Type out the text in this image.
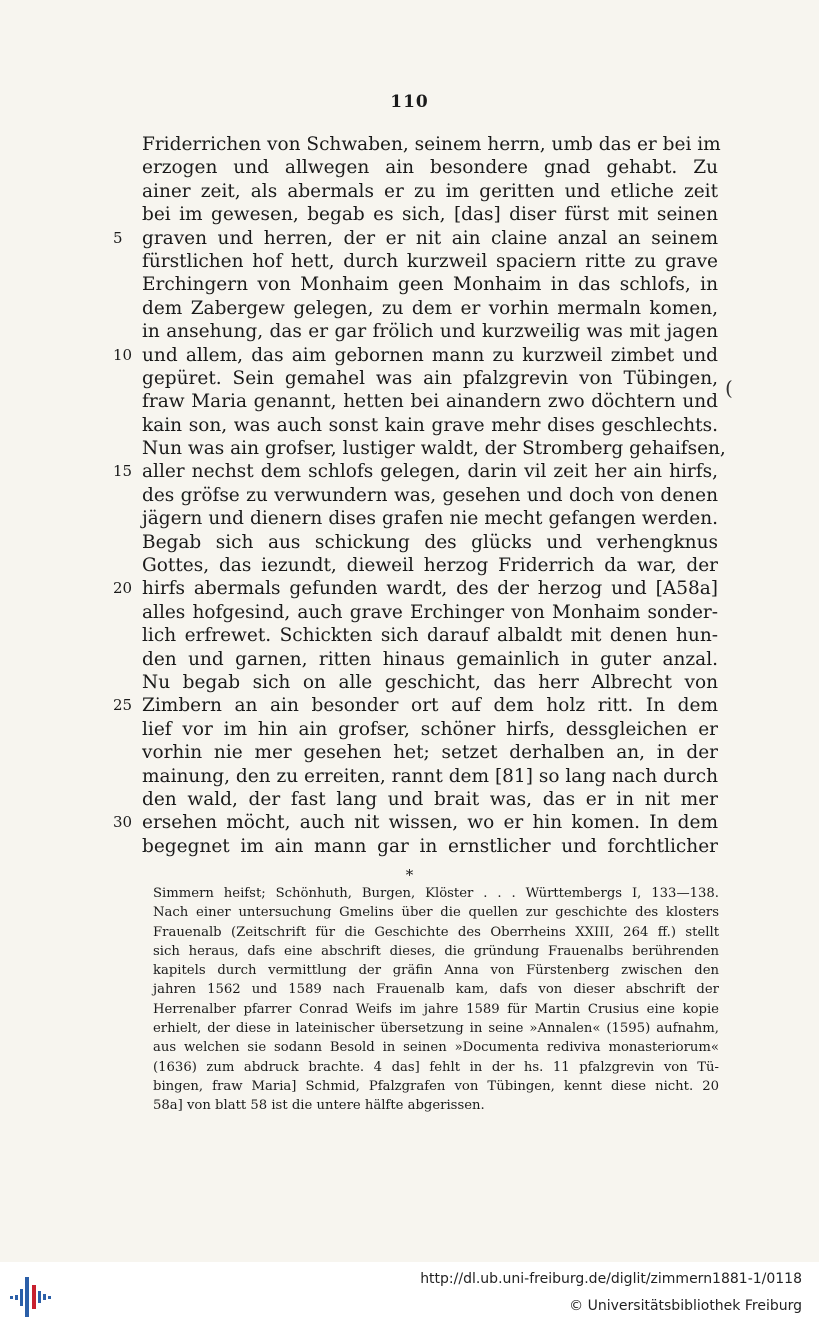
110
Friderrichen von Schwaben, seinem herrn, umb das er bei im
erzogen und allwegen ain besondere gnad gehabt. Zu
ainer zeit, als abermals er zu im geritten und etliche zeit
bei im gewesen, begab es sich, [das] diser fürst mit seinen
5	graven und herren, der er nit ain claine anzal an seinem
fürstlichen hof hett, durch kurzweil spaciern ritte zu grave
Erchingern von Monhaim geen Monhaim in das schlofs, in
dem Zabergew gelegen, zu dem er vorhin mermaln komen,
in ansehung, das er gar frölich und kurzweilig was mit jagen
10 und allem, das aim gebornen mann zu kurzweil zimbet und
gepüret. Sein gemahel was ain pfalzgrevin von Tübingen,
fraw Maria genannt, hetten bei ainandern zwo döchtern und
kain son, was auch sonst kain grave mehr dises geschlechts.
Nun was ain grofser, lustiger waldt, der Stromberg gehaifsen,
15 aller nechst dem schlofs gelegen, darin vil zeit her ain hirfs,
des gröfse zu verwundern was, gesehen und doch von denen
jägern und dienern dises grafen nie mecht gefangen werden.
Begab sich aus schickung des glücks und verhengknus
Gottes, das iezundt, dieweil herzog Friderrich da war, der
20 hirfs abermals gefunden wardt, des der herzog und [A58a]
alles hofgesind, auch grave Erchinger von Monhaim sonder-
lich erfrewet. Schickten sich darauf albaldt mit denen hun-
den und garnen, ritten hinaus gemainlich in guter anzal.
Nu begab sich on alle geschicht, das herr Albrecht von
25 Zimbern an ain besonder ort auf dem holz ritt. In dem
lief vor im hin ain grofser, schöner hirfs, dessgleichen er
vorhin nie mer gesehen het; setzet derhalben an, in der
mainung, den zu erreiten, rannt dem [81] so lang nach durch
den wald, der fast lang und brait was, das er in nit mer
30 ersehen möcht, auch nit wissen, wo er hin komen. In dem
begegnet im ain mann gar in ernstlicher und forchtlicher
(
*
Simmern heifst; Schönhuth, Burgen, Klöster . . . Württembergs I, 133—138.
Nach einer untersuchung Gmelins über die quellen zur geschichte des klosters
Frauenalb (Zeitschrift für die Geschichte des Oberrheins XXIII, 264 ff.) stellt
sich heraus, dafs eine abschrift dieses, die gründung Frauenalbs berührenden
kapitels durch vermittlung der gräfin Anna von Fürstenberg zwischen den
jahren 1562 und 1589 nach Frauenalb kam, dafs von dieser abschrift der
Herrenalber pfarrer Conrad Weifs im jahre 1589 für Martin Crusius eine kopie
erhielt, der diese in lateinischer übersetzung in seine »Annalen« (1595) aufnahm,
aus welchen sie sodann Besold in seinen »Documenta rediviva monasteriorum«
(1636) zum abdruck brachte. 4 das] fehlt in der hs. 11 pfalzgrevin von Tü-
bingen, fraw Maria] Schmid, Pfalzgrafen von Tübingen, kennt diese nicht. 20
58a] von blatt 58 ist die untere hälfte abgerissen.
http://dl.ub.uni-freiburg.de/diglit/zimmern1881-1/0118
© Universitätsbibliothek Freiburg
